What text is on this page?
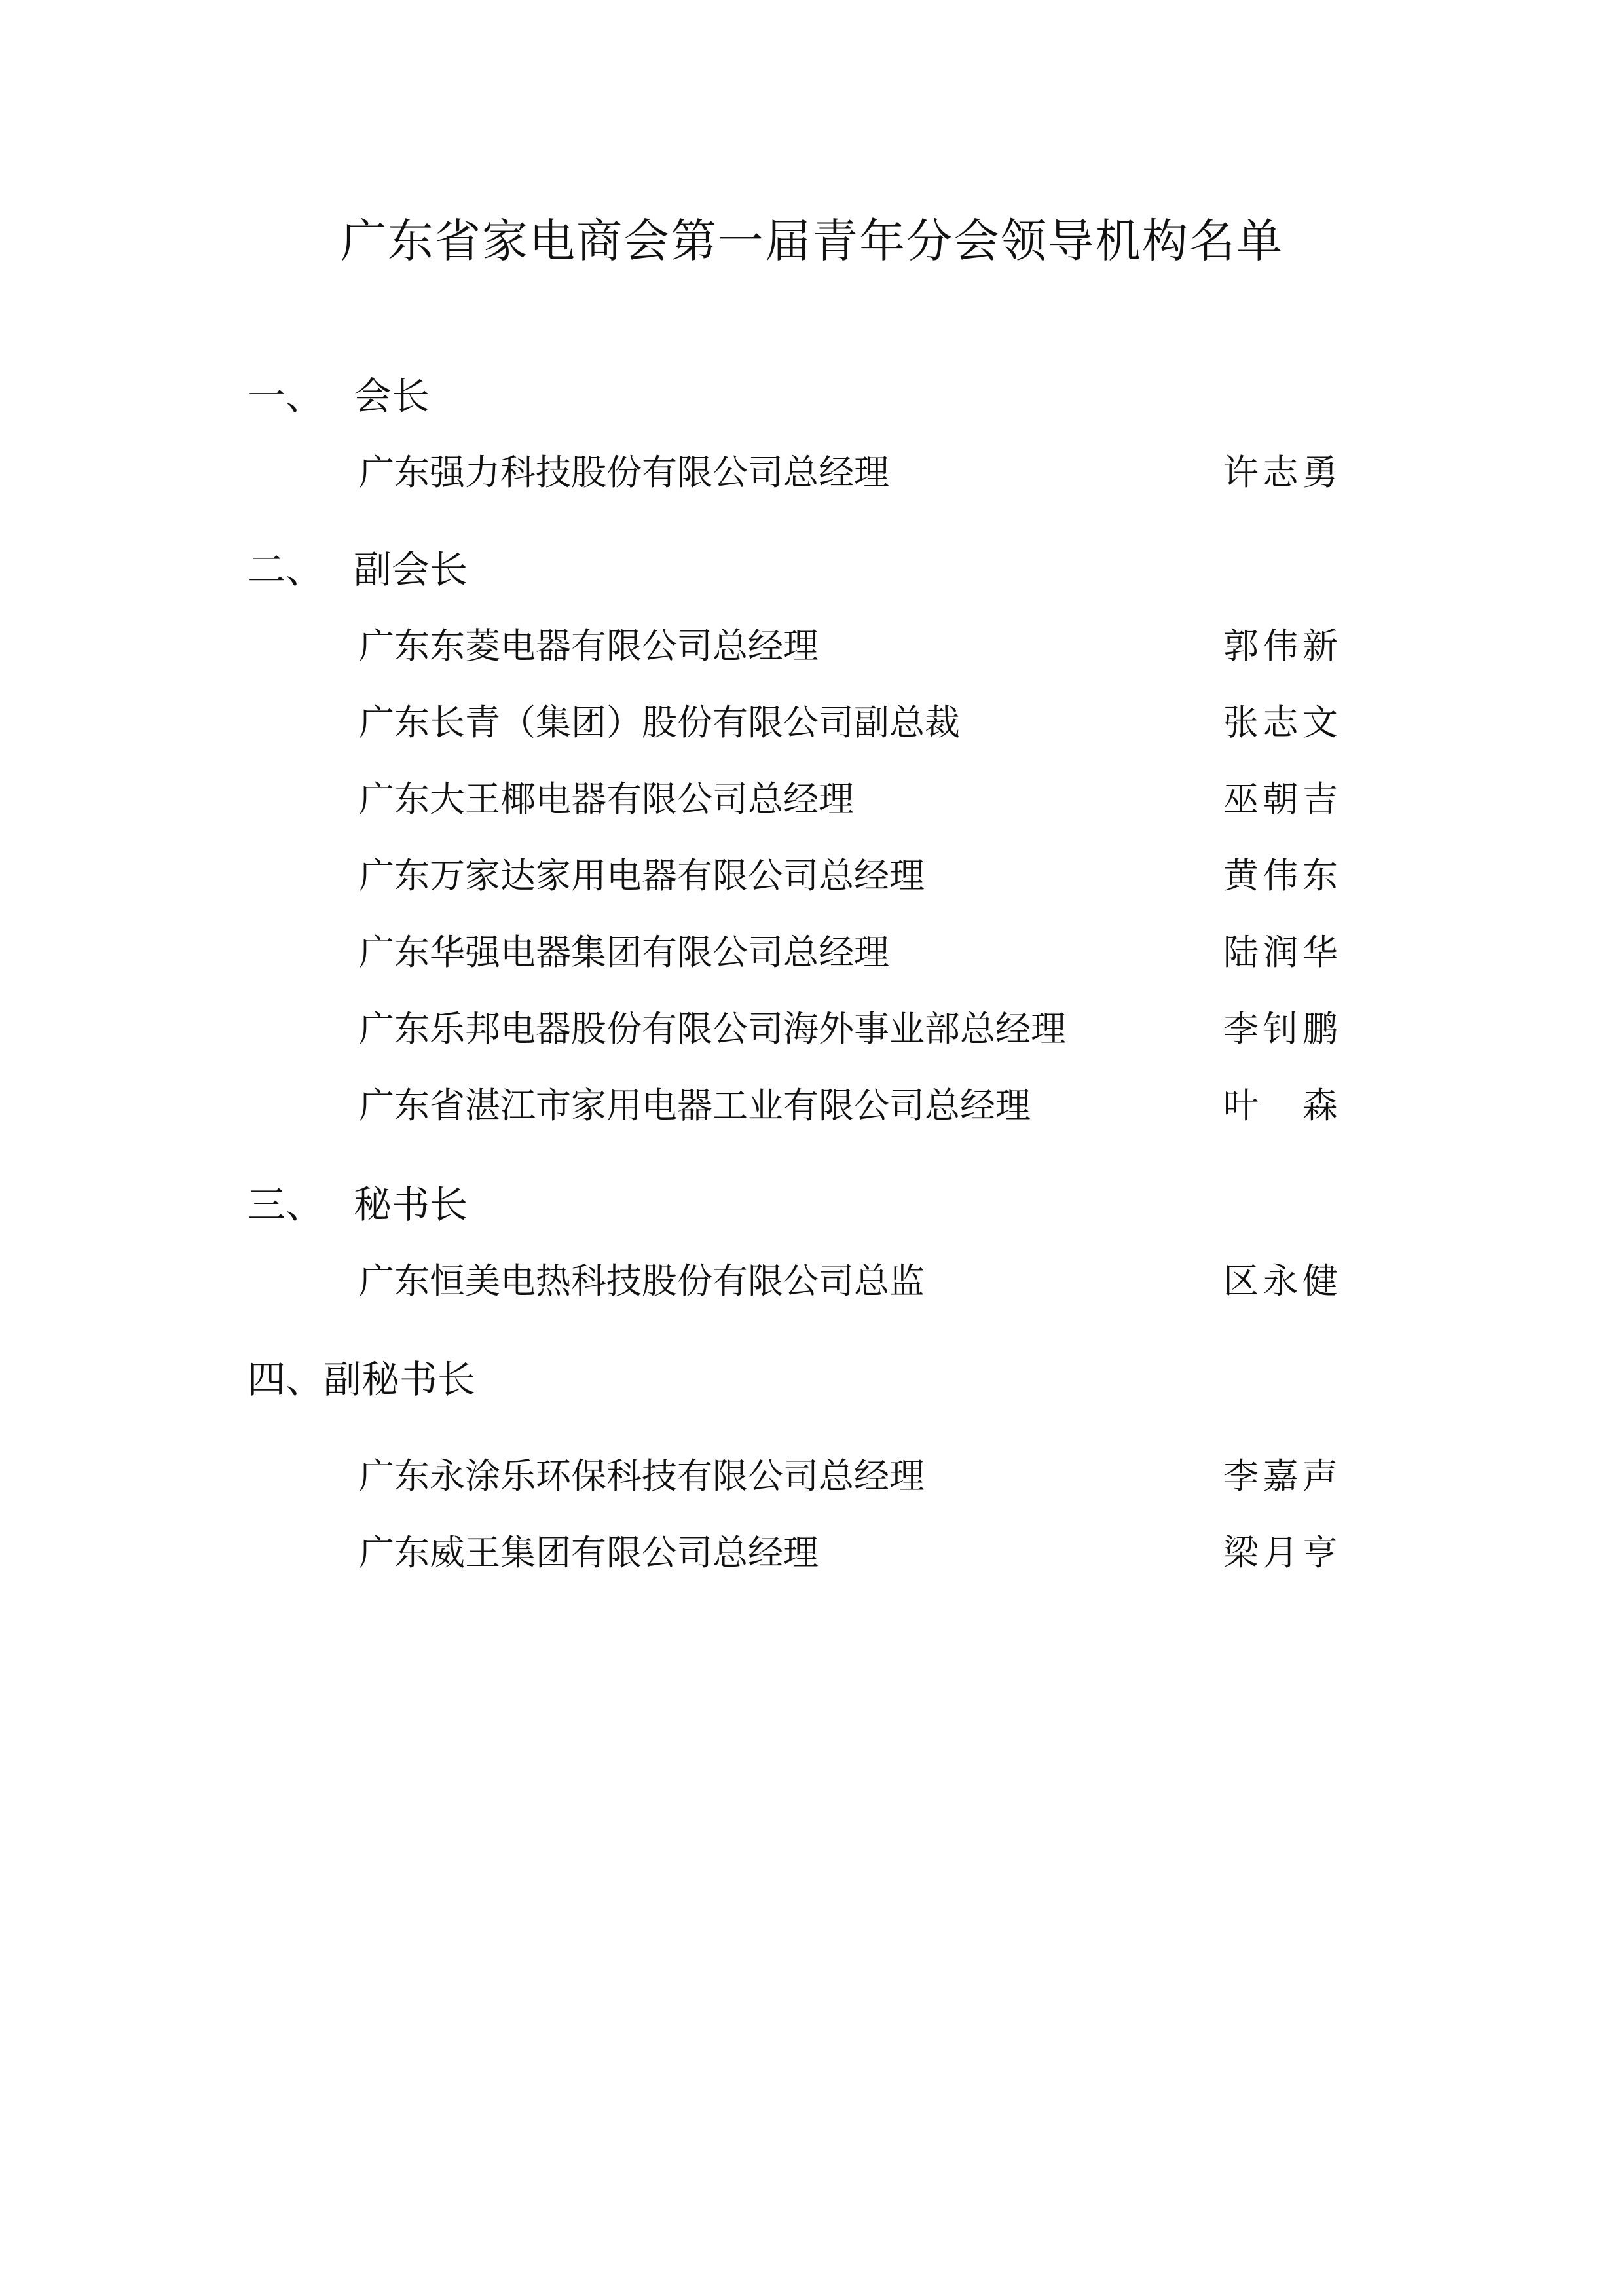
广东省家电商会第一届青年分会领导机构名单
一、 会长
广东强力科技股份有限公司总经理	许志勇
二、 副会长
广东东菱电器有限公司总经理	郭伟新
广东长青（集团）股份有限公司副总裁	张志文
广东大王椰电器有限公司总经理	巫朝吉
广东万家达家用电器有限公司总经理	黄伟东
广东华强电器集团有限公司总经理	陆润华
广东乐邦电器股份有限公司海外事业部总经理	李钊鹏
广东省湛江市家用电器工业有限公司总经理	叶 森
三、 秘书长
广东恒美电热科技股份有限公司总监	区永健
四、副秘书长
广东永涂乐环保科技有限公司总经理	李嘉声
广东威王集团有限公司总经理	梁月亨
